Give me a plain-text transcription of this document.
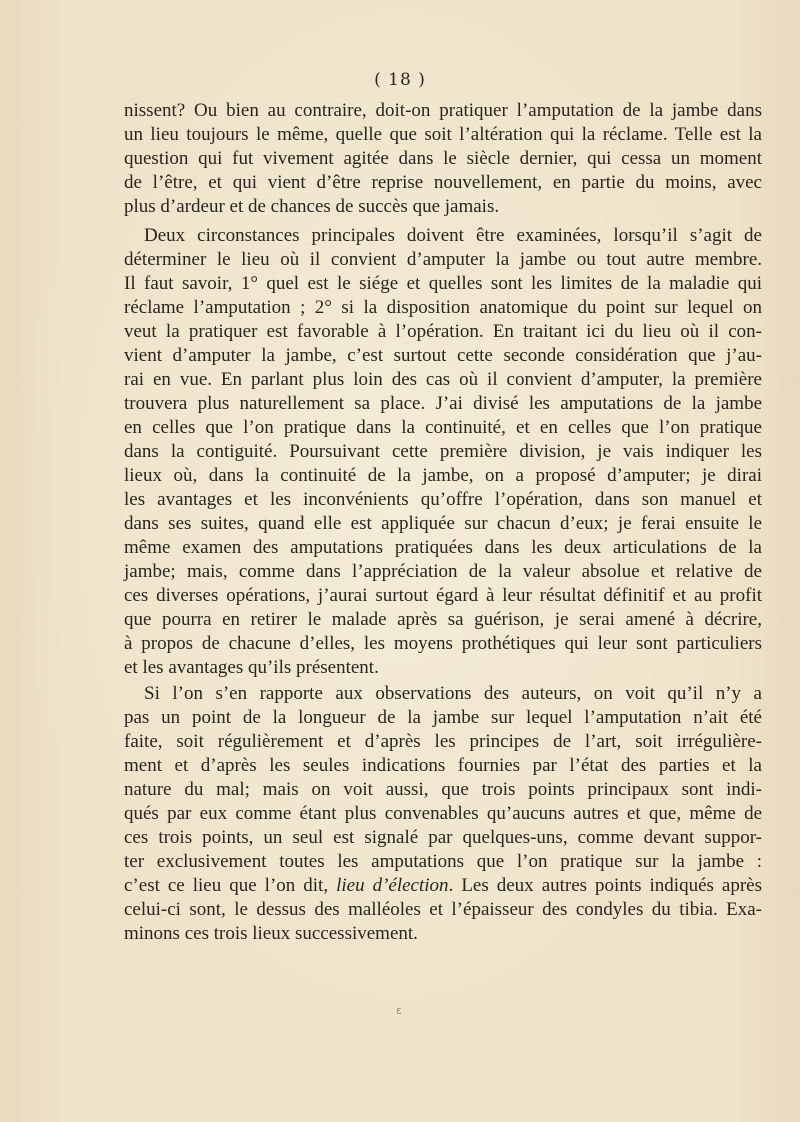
( 18 )
nissent? Ou bien au contraire, doit-on pratiquer l’amputation de la jambe dans
un lieu toujours le même, quelle que soit l’altération qui la réclame. Telle est la
question qui fut vivement agitée dans le siècle dernier, qui cessa un moment
de l’être, et qui vient d’être reprise nouvellement, en partie du moins, avec
plus d’ardeur et de chances de succès que jamais.
Deux circonstances principales doivent être examinées, lorsqu’il s’agit de
déterminer le lieu où il convient d’amputer la jambe ou tout autre membre.
Il faut savoir, 1° quel est le siége et quelles sont les limites de la maladie qui
réclame l’amputation ; 2° si la disposition anatomique du point sur lequel on
veut la pratiquer est favorable à l’opération. En traitant ici du lieu où il con-
vient d’amputer la jambe, c’est surtout cette seconde considération que j’au-
rai en vue. En parlant plus loin des cas où il convient d’amputer, la première
trouvera plus naturellement sa place. J’ai divisé les amputations de la jambe
en celles que l’on pratique dans la continuité, et en celles que l’on pratique
dans la contiguité. Poursuivant cette première division, je vais indiquer les
lieux où, dans la continuité de la jambe, on a proposé d’amputer; je dirai
les avantages et les inconvénients qu’offre l’opération, dans son manuel et
dans ses suites, quand elle est appliquée sur chacun d’eux; je ferai ensuite le
même examen des amputations pratiquées dans les deux articulations de la
jambe; mais, comme dans l’appréciation de la valeur absolue et relative de
ces diverses opérations, j’aurai surtout égard à leur résultat définitif et au profit
que pourra en retirer le malade après sa guérison, je serai amené à décrire,
à propos de chacune d’elles, les moyens prothétiques qui leur sont particuliers
et les avantages qu’ils présentent.
Si l’on s’en rapporte aux observations des auteurs, on voit qu’il n’y a
pas un point de la longueur de la jambe sur lequel l’amputation n’ait été
faite, soit régulièrement et d’après les principes de l’art, soit irrégulière-
ment et d’après les seules indications fournies par l’état des parties et la
nature du mal; mais on voit aussi, que trois points principaux sont indi-
qués par eux comme étant plus convenables qu’aucuns autres et que, même de
ces trois points, un seul est signalé par quelques-uns, comme devant suppor-
ter exclusivement toutes les amputations que l’on pratique sur la jambe :
c’est ce lieu que l’on dit, lieu d’élection. Les deux autres points indiqués après
celui-ci sont, le dessus des malléoles et l’épaisseur des condyles du tibia. Exa-
minons ces trois lieux successivement.
ɛ
